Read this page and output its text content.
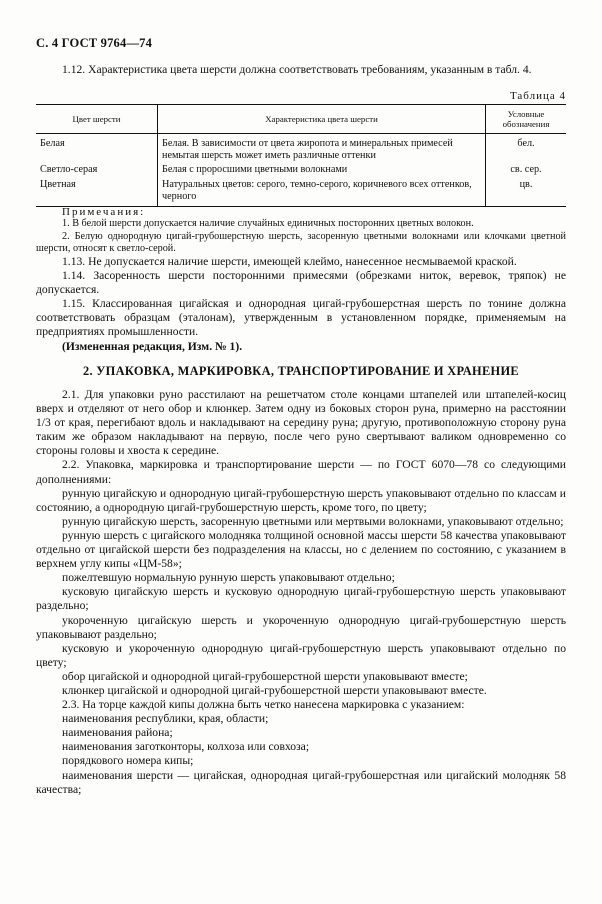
С. 4 ГОСТ 9764—74
1.12. Характеристика цвета шерсти должна соответствовать требованиям, указанным в табл. 4.
Таблица 4
Цвет шерсти	Характеристика цвета шерсти	Условные обозначения
Белая	Белая. В зависимости от цвета жиропота и минеральных примесей немытая шерсть может иметь различные оттенки	бел.
Светло-серая	Белая с проросшими цветными волокнами	св. сер.
Цветная	Натуральных цветов: серого, темно-серого, коричневого всех оттенков, черного	цв.
Примечания:
1. В белой шерсти допускается наличие случайных единичных посторонних цветных волокон.
2. Белую однородную цигай-грубошерстную шерсть, засоренную цветными волокнами или клочками цветной шерсти, относят к светло-серой.
1.13. Не допускается наличие шерсти, имеющей клеймо, нанесенное несмываемой краской.
1.14. Засоренность шерсти посторонними примесями (обрезками ниток, веревок, тряпок) не допускается.
1.15. Классированная цигайская и однородная цигай-грубошерстная шерсть по тонине должна соответствовать образцам (эталонам), утвержденным в установленном порядке, применяемым на предприятиях промышленности.
(Измененная редакция, Изм. № 1).
2. УПАКОВКА, МАРКИРОВКА, ТРАНСПОРТИРОВАНИЕ И ХРАНЕНИЕ
2.1. Для упаковки руно расстилают на решетчатом столе концами штапелей или штапелей-косиц вверх и отделяют от него обор и клюнкер. Затем одну из боковых сторон руна, примерно на расстоянии 1/3 от края, перегибают вдоль и накладывают на середину руна; другую, противоположную сторону руна таким же образом накладывают на первую, после чего руно свертывают валиком одновременно со стороны головы и хвоста к середине.
2.2. Упаковка, маркировка и транспортирование шерсти — по ГОСТ 6070—78 со следующими дополнениями:
рунную цигайскую и однородную цигай-грубошерстную шерсть упаковывают отдельно по классам и состоянию, а однородную цигай-грубошерстную шерсть, кроме того, по цвету;
рунную цигайскую шерсть, засоренную цветными или мертвыми волокнами, упаковывают отдельно;
рунную шерсть с цигайского молодняка толщиной основной массы шерсти 58 качества упаковывают отдельно от цигайской шерсти без подразделения на классы, но с делением по состоянию, с указанием в верхнем углу кипы «ЦМ-58»;
пожелтевшую нормальную рунную шерсть упаковывают отдельно;
кусковую цигайскую шерсть и кусковую однородную цигай-грубошерстную шерсть упаковывают раздельно;
укороченную цигайскую шерсть и укороченную однородную цигай-грубошерстную шерсть упаковывают раздельно;
кусковую и укороченную однородную цигай-грубошерстную шерсть упаковывают отдельно по цвету;
обор цигайской и однородной цигай-грубошерстной шерсти упаковывают вместе;
клюнкер цигайской и однородной цигай-грубошерстной шерсти упаковывают вместе.
2.3. На торце каждой кипы должна быть четко нанесена маркировка с указанием:
наименования республики, края, области;
наименования района;
наименования заготконторы, колхоза или совхоза;
порядкового номера кипы;
наименования шерсти — цигайская, однородная цигай-грубошерстная или цигайский молодняк 58 качества;
